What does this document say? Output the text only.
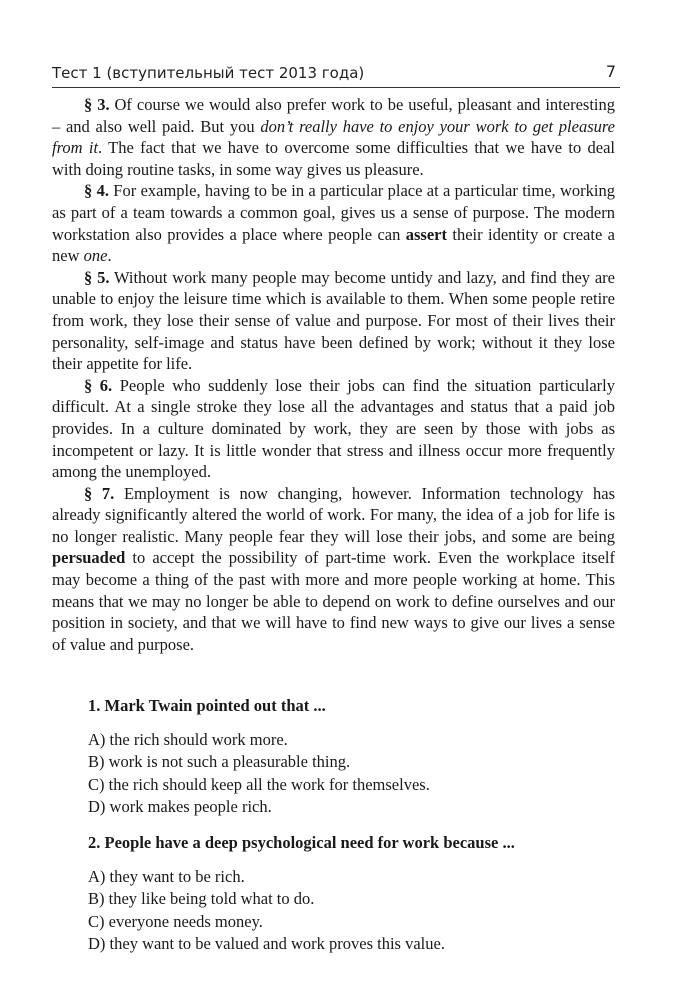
Тест 1 (вступительный тест 2013 года)	7

§ 3. Of course we would also prefer work to be useful, pleasant and interesting – and also well paid. But you don’t really have to enjoy your work to get pleasure from it. The fact that we have to overcome some difficulties that we have to deal with doing routine tasks, in some way gives us pleasure.

§ 4. For example, having to be in a particular place at a particular time, working as part of a team towards a common goal, gives us a sense of purpose. The modern workstation also provides a place where people can assert their identity or create a new one.

§ 5. Without work many people may become untidy and lazy, and find they are unable to enjoy the leisure time which is available to them. When some people retire from work, they lose their sense of value and purpose. For most of their lives their personality, self-image and status have been defined by work; without it they lose their appetite for life.

§ 6. People who suddenly lose their jobs can find the situation particularly difficult. At a single stroke they lose all the advantages and status that a paid job provides. In a culture dominated by work, they are seen by those with jobs as incompetent or lazy. It is little wonder that stress and illness occur more frequently among the unemployed.

§ 7. Employment is now changing, however. Information technology has already significantly altered the world of work. For many, the idea of a job for life is no longer realistic. Many people fear they will lose their jobs, and some are being persuaded to accept the possibility of part-time work. Even the workplace itself may become a thing of the past with more and more people working at home. This means that we may no longer be able to depend on work to define ourselves and our position in society, and that we will have to find new ways to give our lives a sense of value and purpose.

1. Mark Twain pointed out that ...

A) the rich should work more.

B) work is not such a pleasurable thing.

C) the rich should keep all the work for themselves.

D) work makes people rich.

2. People have a deep psychological need for work because ...

A) they want to be rich.

B) they like being told what to do.

C) everyone needs money.

D) they want to be valued and work proves this value.
